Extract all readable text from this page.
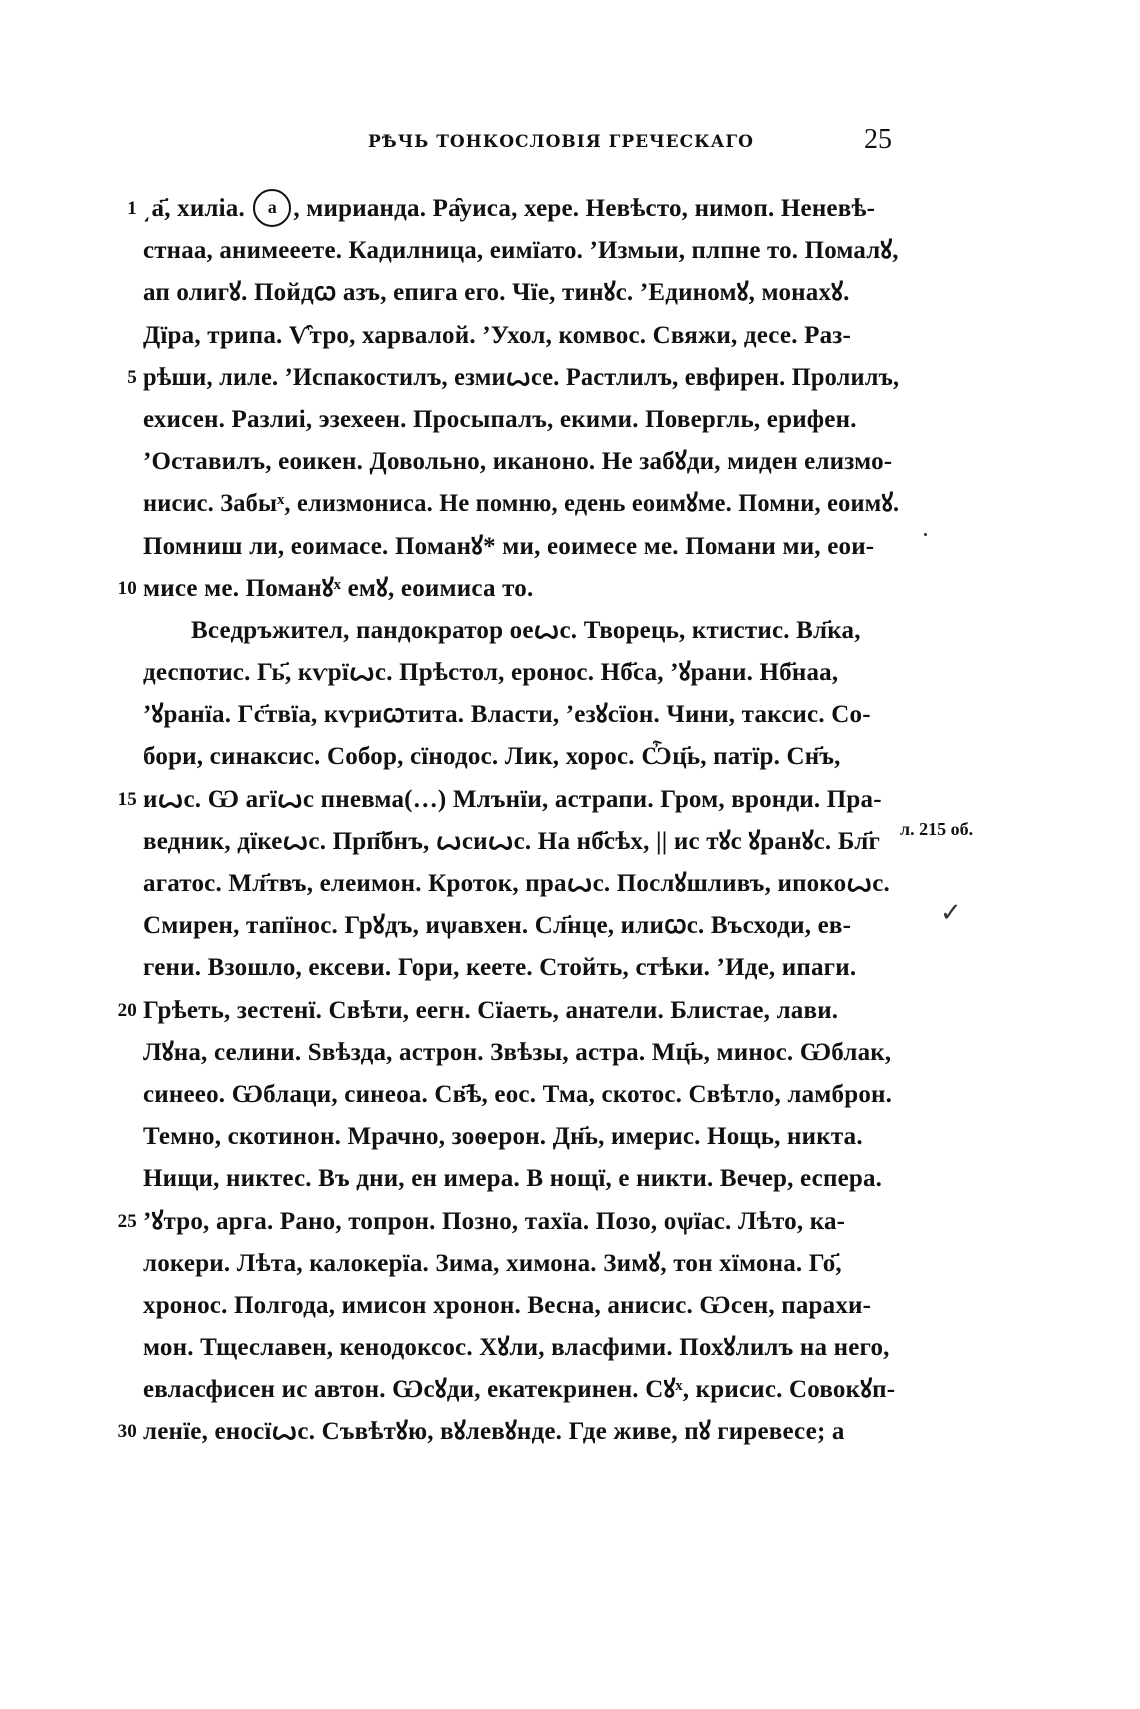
РѢЧЬ ТОНКОСЛОВІЯ ГРЕЧЕСКАГО	25
1 ͵а҃, хиліа. а , мирианда. Ра̑уиса, хере. Невѣсто, нимоп. Неневѣ-
стнаа, анимееете. Кадилница, еимїато. ’Измыи, плпне то. Помалꙋ,
ап олигꙋ. Пойдꙍ азъ, епига его. Чїе, тинꙋс. ’Единомꙋ, монахꙋ.
Дїра, трипа. Ѵ̑тро, харвалой. ’Ухол, комвос. Свяжи, десе. Раз-
5 рѣши, лиле. ’Испакостилъ, езмиꙍсе. Растлилъ, евфирен. Пролилъ,
ехисен. Разлиi, эзехеен. Просыпалъ, екими. Повергль, ерифен.
’Оставилъ, еоикен. Довольно, иканоно. Не забꙋди, миден елизмо-
нисис. Забыˣ, елизмониса. Не помню, едень еоимꙋме. Помни, еоимꙋ.
Помниш ли, еоимасе. Поманꙋ* ми, еоимесе ме. Помани ми, еои-
10 мисе ме. Поманꙋˣ емꙋ, еоимиса то.
Вседръжител, пандократор оеꙍс. Творець, ктистис. Вл҃ка,
деспотис. Гь҃, кѵрїꙍс. Прѣстол, ероноc. Нб҃са, ’ꙋрани. Нб҃наа,
’ꙋранїа. Гс҃твїа, кѵриꙍтита. Власти, ’езꙋсїон. Чини, таксис. Со-
бори, синаксис. Собор, сїнодос. Лик, хорос. Ѽц҃ь, патїр. Сн҃ъ,
15 иꙍс. Ѡ агїꙍс пневма(…) Млънїи, астрапи. Гром, вронди. Пра-
ведник, дїкеꙍс. Прп҃бнъ, ꙍсиꙍс. На нб҃сѣх, || ис тꙋс ꙋранꙋс. Бл҃г
агатос. Мл҃твъ, елеимон. Кроток, праꙍс. Послꙋшливъ, ипокоꙍс.
Смирен, тапїнос. Грꙋдъ, иѱавхен. Сл҃нце, илиꙍс. Въсходи, ев-
гени. Взошло, ексеви. Гори, кеете. Стойть, стѣки. ’Иде, ипаги.
20 Грѣеть, зестенї. Свѣти, еегн. Сїаеть, анатели. Блистае, лави.
Лꙋна, селини. Ѕвѣзда, астрон. Звѣзы, астра. Мц҃ь, минос. Ѡблак,
синеео. Ѡблаци, синеоа. Св҃ѣ, еос. Тма, скотос. Свѣтло, ламброн.
Темно, скотинон. Мрачно, зоѳерон. Дн҃ь, имерис. Нощь, никта.
Нищи, никтес. Въ дни, ен имера. В нощї, е никти. Вечер, еспера.
25 ’ꙋтро, арга. Рано, топрон. Позно, тахїа. Позо, оѱїас. Лѣто, ка-
локери. Лѣта, калокерїа. Зима, химона. Зимꙋ, тон хїмона. Го҃,
хронос. Полгода, имисон хронон. Весна, анисис. Ѡсен, парахи-
мон. Тщеславен, кенодоксос. Хꙋли, власфими. Похꙋлилъ на него,
евласфисен ис автон. Ѡсꙋди, екатекринен. Сꙋˣ, крисис. Совокꙋп-
30 ленїе, еносїꙍс. Съвѣтꙋю, вꙋлевꙋнде. Где живе, пꙋ гиревесе; а
л. 215 об.
✓
